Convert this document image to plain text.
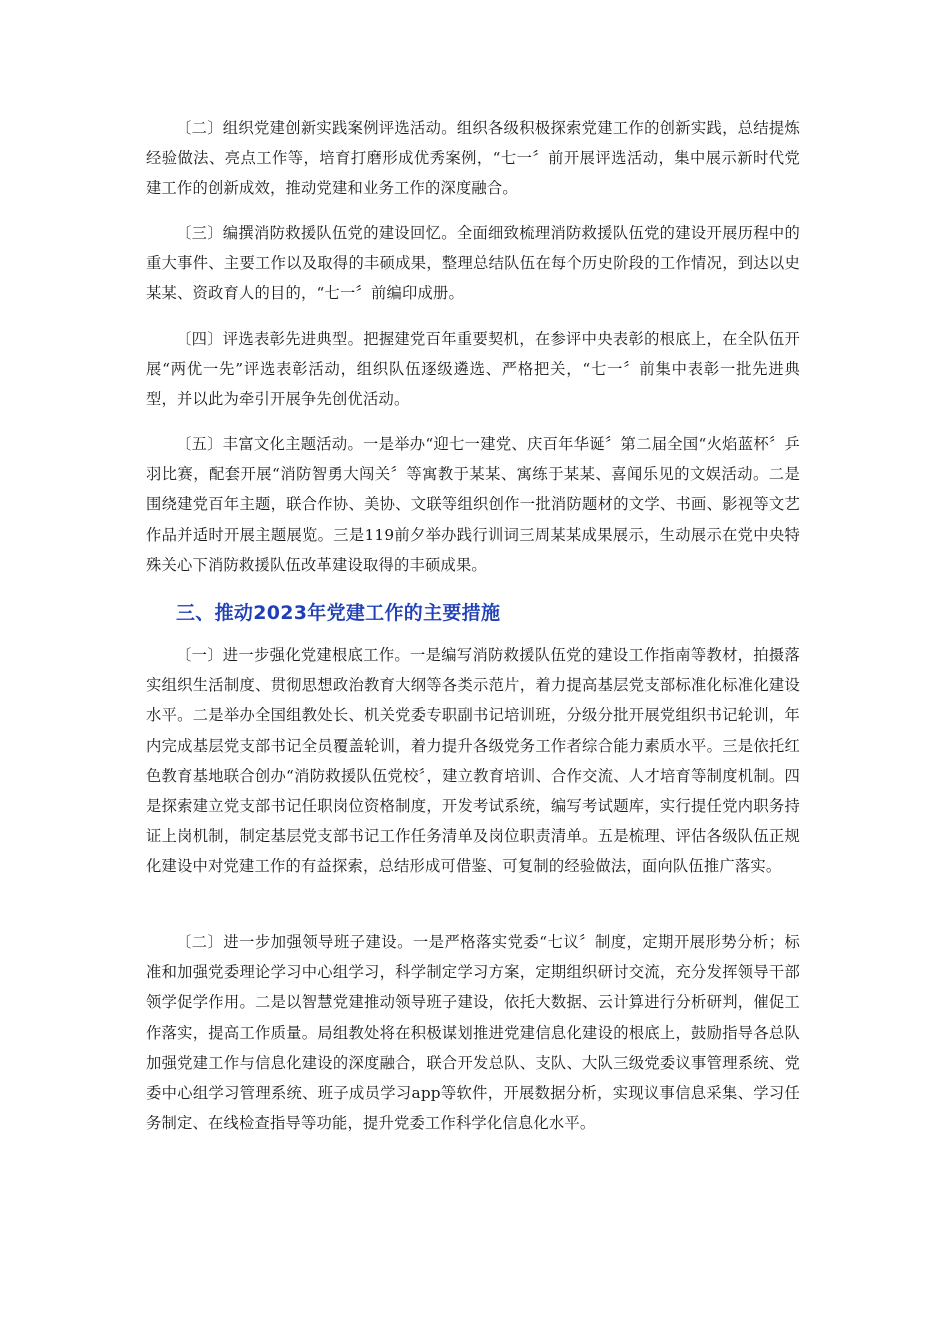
〔二〕组织党建创新实践案例评选活动。组织各级积极探索党建工作的创新实践，总结提炼经验做法、亮点工作等，培育打磨形成优秀案例，“七一〞前开展评选活动，集中展示新时代党建工作的创新成效，推动党建和业务工作的深度融合。

〔三〕编撰消防救援队伍党的建设回忆。全面细致梳理消防救援队伍党的建设开展历程中的重大事件、主要工作以及取得的丰硕成果，整理总结队伍在每个历史阶段的工作情况，到达以史某某、资政育人的目的，“七一〞前编印成册。

〔四〕评选表彰先进典型。把握建党百年重要契机，在参评中央表彰的根底上，在全队伍开展“两优一先”评选表彰活动，组织队伍逐级遴选、严格把关，“七一〞前集中表彰一批先进典型，并以此为牵引开展争先创优活动。

〔五〕丰富文化主题活动。一是举办“迎七一建党、庆百年华诞〞第二届全国“火焰蓝杯〞乒羽比赛，配套开展“消防智勇大闯关〞等寓教于某某、寓练于某某、喜闻乐见的文娱活动。二是围绕建党百年主题，联合作协、美协、文联等组织创作一批消防题材的文学、书画、影视等文艺作品并适时开展主题展览。三是119前夕举办践行训词三周某某成果展示，生动展示在党中央特殊关心下消防救援队伍改革建设取得的丰硕成果。

三、推动2023年党建工作的主要措施

〔一〕进一步强化党建根底工作。一是编写消防救援队伍党的建设工作指南等教材，拍摄落实组织生活制度、贯彻思想政治教育大纲等各类示范片，着力提高基层党支部标准化标准化建设水平。二是举办全国组教处长、机关党委专职副书记培训班，分级分批开展党组织书记轮训，年内完成基层党支部书记全员覆盖轮训，着力提升各级党务工作者综合能力素质水平。三是依托红色教育基地联合创办“消防救援队伍党校〞，建立教育培训、合作交流、人才培育等制度机制。四是探索建立党支部书记任职岗位资格制度，开发考试系统，编写考试题库，实行提任党内职务持证上岗机制，制定基层党支部书记工作任务清单及岗位职责清单。五是梳理、评估各级队伍正规化建设中对党建工作的有益探索，总结形成可借鉴、可复制的经验做法，面向队伍推广落实。

〔二〕进一步加强领导班子建设。一是严格落实党委“七议〞制度，定期开展形势分析；标准和加强党委理论学习中心组学习，科学制定学习方案，定期组织研讨交流，充分发挥领导干部领学促学作用。二是以智慧党建推动领导班子建设，依托大数据、云计算进行分析研判，催促工作落实，提高工作质量。局组教处将在积极谋划推进党建信息化建设的根底上，鼓励指导各总队加强党建工作与信息化建设的深度融合，联合开发总队、支队、大队三级党委议事管理系统、党委中心组学习管理系统、班子成员学习app等软件，开展数据分析，实现议事信息采集、学习任务制定、在线检查指导等功能，提升党委工作科学化信息化水平。
